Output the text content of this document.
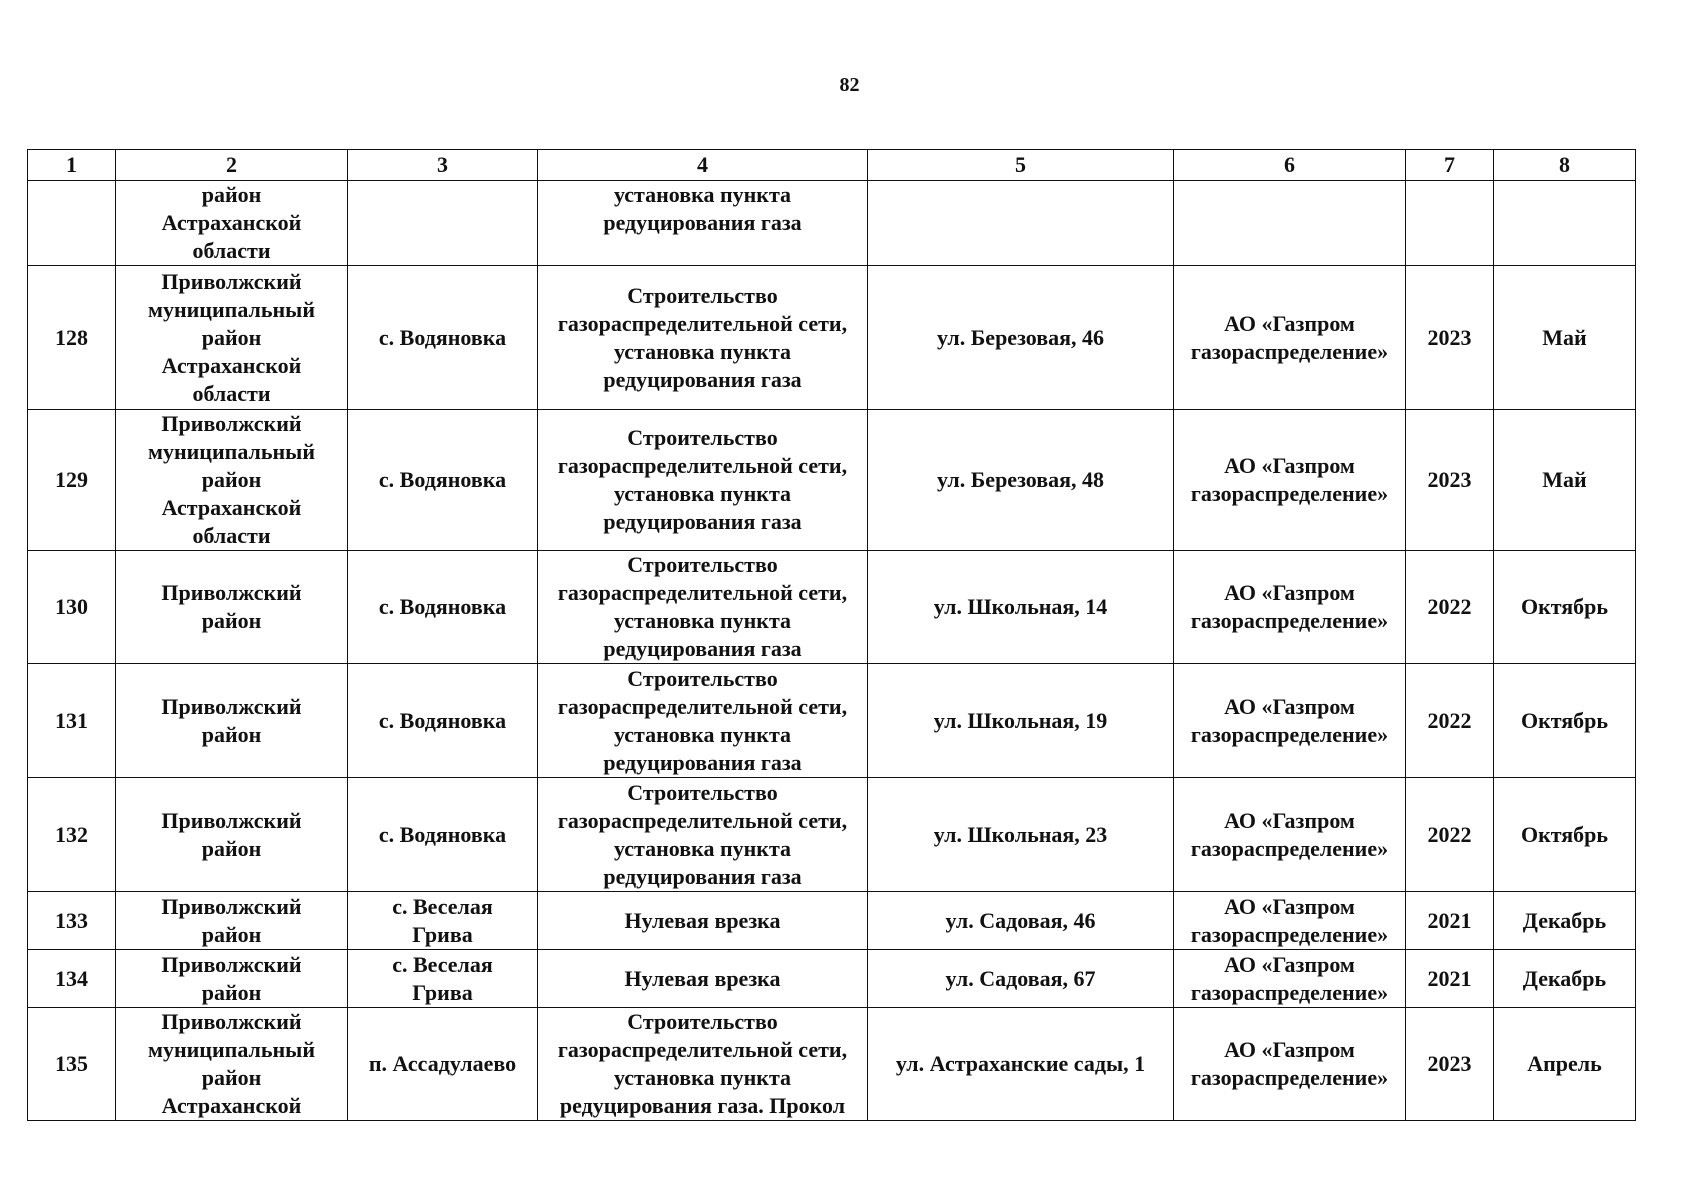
82
1	2	3	4	5	6	7	8

	район
Астраханской
области		установка пункта
редуцирования газа				

128	Приволжский
муниципальный
район
Астраханской
области	с. Водяновка	Строительство
газораспределительной сети,
установка пункта
редуцирования газа	ул. Березовая, 46	АО «Газпром
газораспределение»	2023	Май
129	Приволжский
муниципальный
район
Астраханской
области	с. Водяновка	Строительство
газораспределительной сети,
установка пункта
редуцирования газа	ул. Березовая, 48	АО «Газпром
газораспределение»	2023	Май
130	Приволжский
район	с. Водяновка	Строительство
газораспределительной сети,
установка пункта
редуцирования газа	ул. Школьная, 14	АО «Газпром
газораспределение»	2022	Октябрь
131	Приволжский
район	с. Водяновка	Строительство
газораспределительной сети,
установка пункта
редуцирования газа	ул. Школьная, 19	АО «Газпром
газораспределение»	2022	Октябрь
132	Приволжский
район	с. Водяновка	Строительство
газораспределительной сети,
установка пункта
редуцирования газа	ул. Школьная, 23	АО «Газпром
газораспределение»	2022	Октябрь
133	Приволжский
район	с. Веселая
Грива	Нулевая врезка	ул. Садовая, 46	АО «Газпром
газораспределение»	2021	Декабрь
134	Приволжский
район	с. Веселая
Грива	Нулевая врезка	ул. Садовая, 67	АО «Газпром
газораспределение»	2021	Декабрь
135	Приволжский
муниципальный
район
Астраханской	п. Ассадулаево	Строительство
газораспределительной сети,
установка пункта
редуцирования газа. Прокол	ул. Астраханские сады, 1	АО «Газпром
газораспределение»	2023	Апрель
